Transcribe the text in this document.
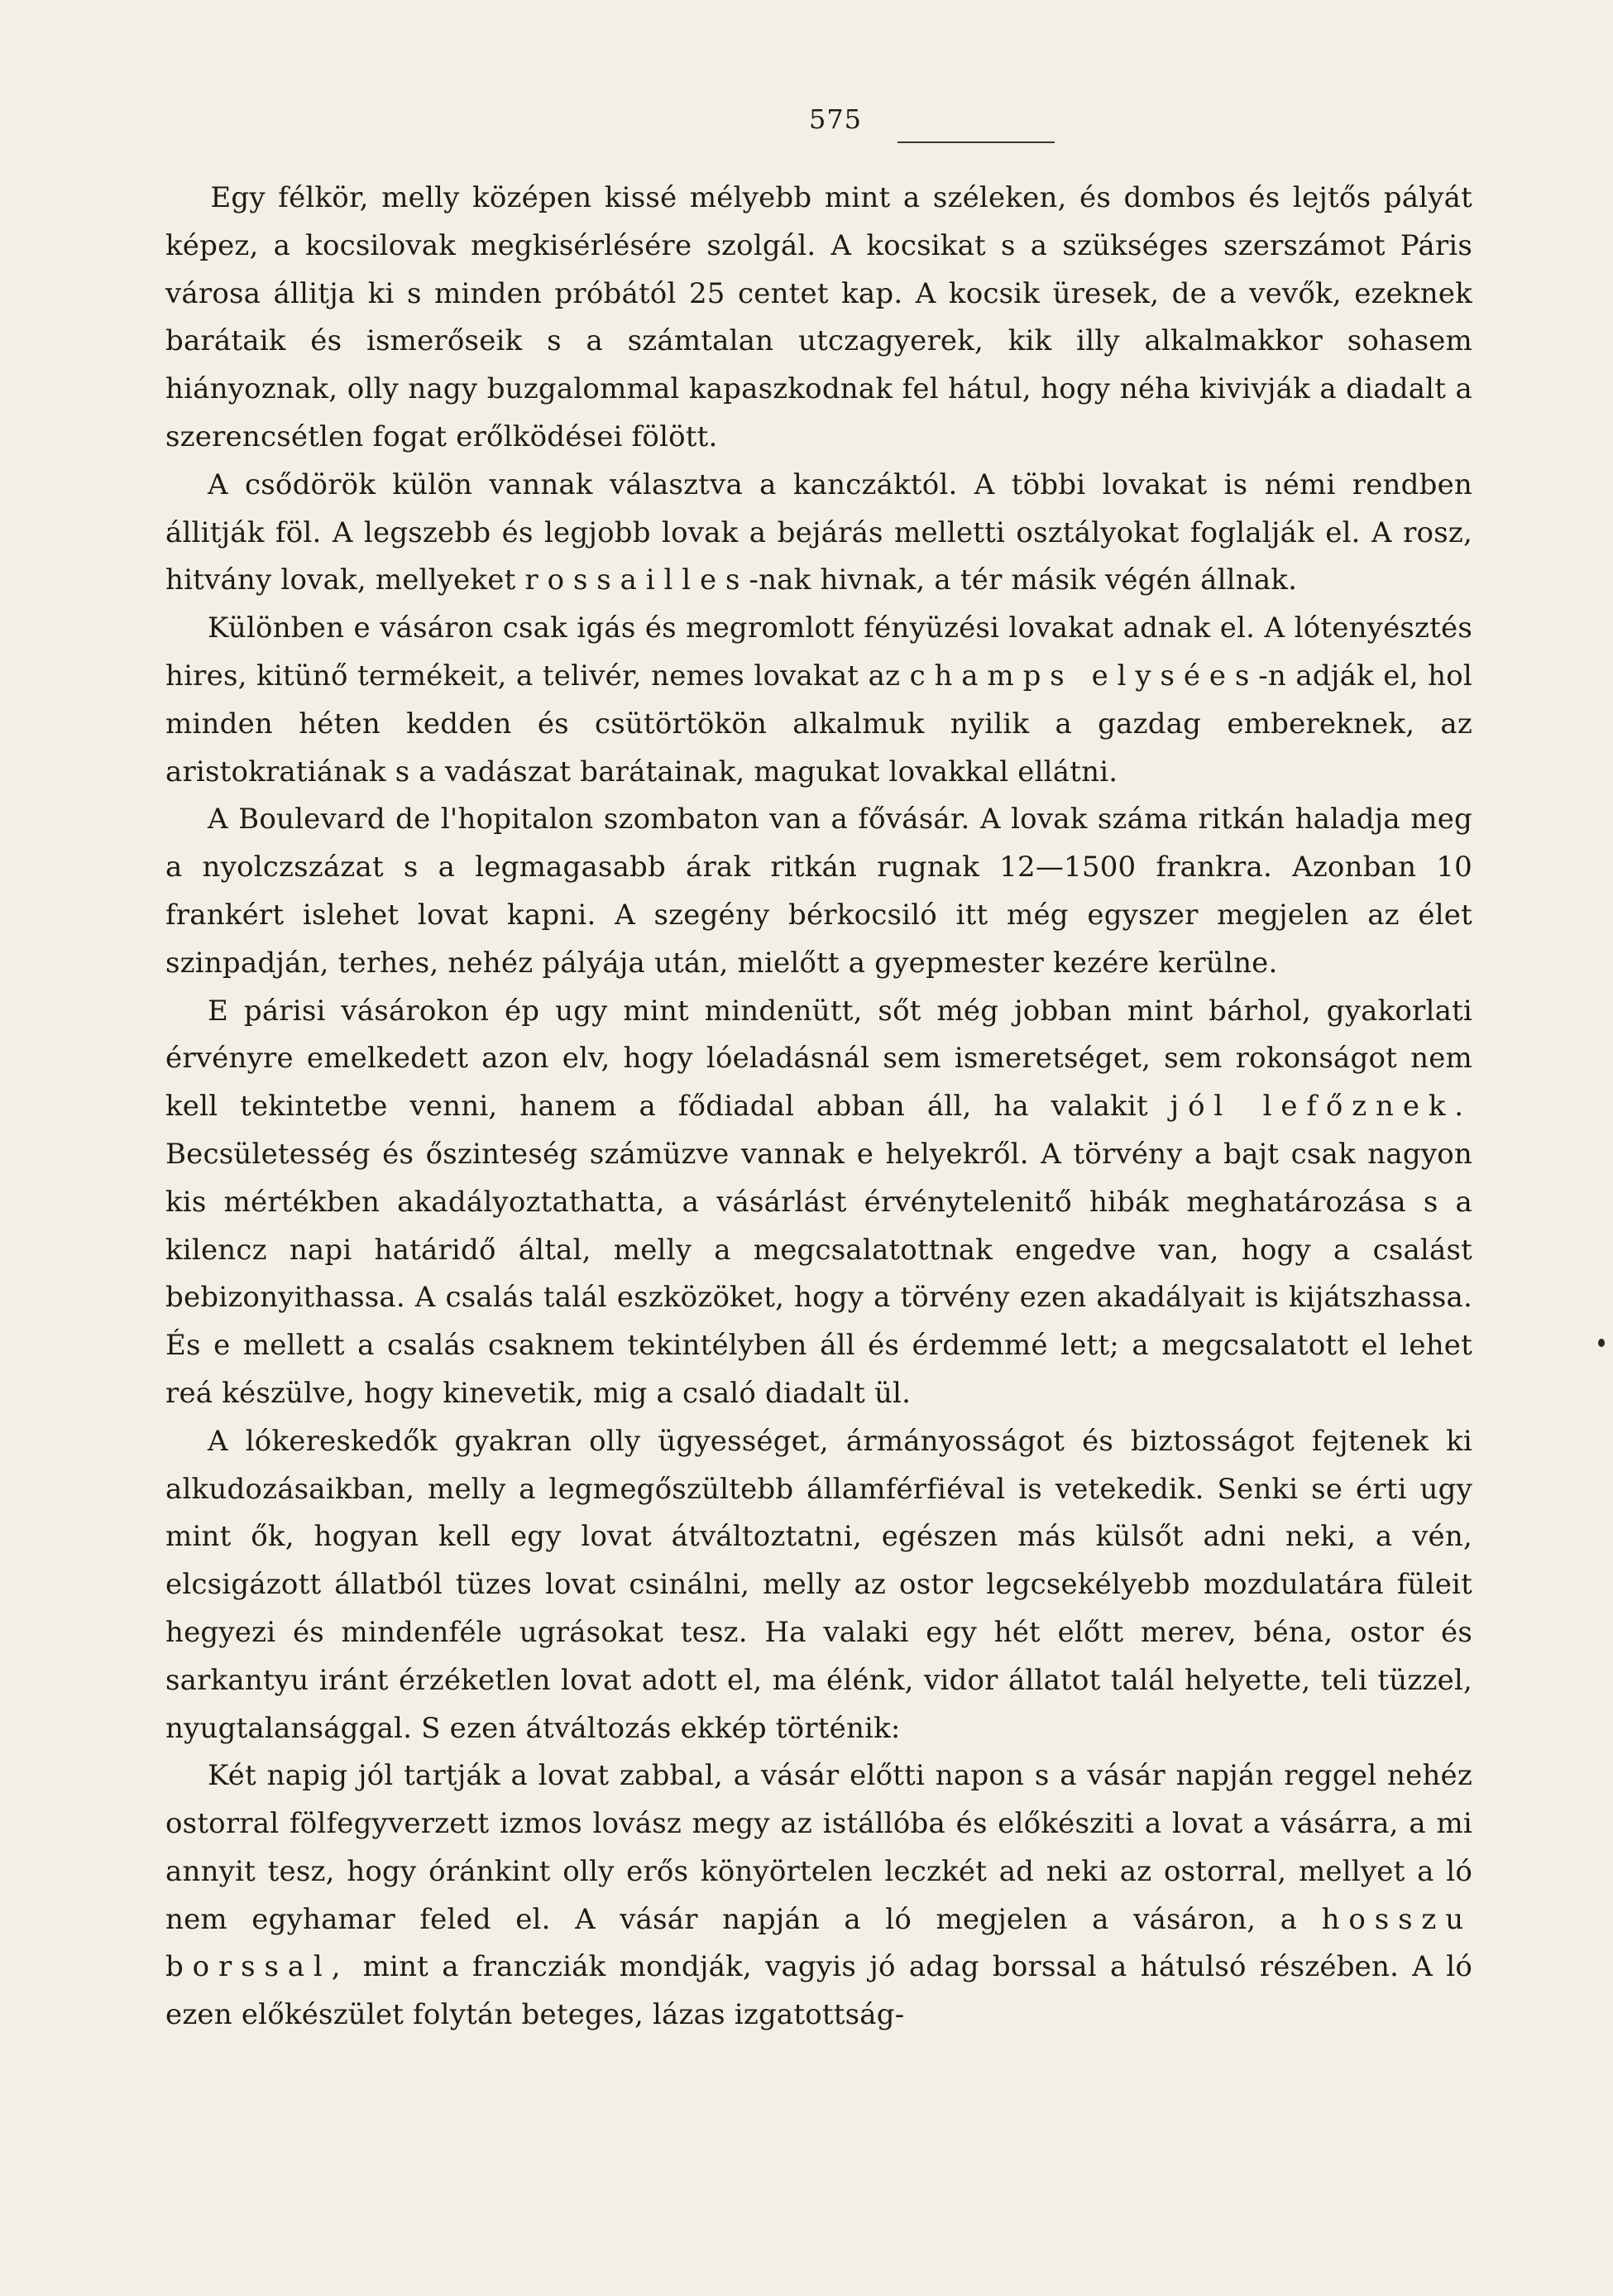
575

Egy félkör, melly középen kissé mélyebb mint a széleken, és dombos és lejtős pályát képez, a kocsilovak megkisérlésére szolgál. A kocsikat s a szükséges szerszámot Páris városa állitja ki s minden próbától 25 centet kap. A kocsik üresek, de a vevők, ezeknek barátaik és ismerőseik s a számtalan utczagyerek, kik illy alkalmakkor sohasem hiányoznak, olly nagy buzgalommal kapaszkodnak fel hátul, hogy néha kivivják a diadalt a szerencsétlen fogat erőlködései fölött.

A csődörök külön vannak választva a kanczáktól. A többi lovakat is némi rendben állitják föl. A legszebb és legjobb lovak a bejárás melletti osztályokat foglalják el. A rosz, hitvány lovak, mellyeket rossailles-nak hivnak, a tér másik végén állnak.

Különben e vásáron csak igás és megromlott fényüzési lovakat adnak el. A lótenyésztés hires, kitünő termékeit, a telivér, nemes lovakat az champs elysées-n adják el, hol minden héten kedden és csütörtökön alkalmuk nyilik a gazdag embereknek, az aristokratiának s a vadászat barátainak, magukat lovakkal ellátni.

A Boulevard de l'hopitalon szombaton van a fővásár. A lovak száma ritkán haladja meg a nyolczszázat s a legmagasabb árak ritkán rugnak 12—1500 frankra. Azonban 10 frankért islehet lovat kapni. A szegény bérkocsiló itt még egyszer megjelen az élet szinpadján, terhes, nehéz pályája után, mielőtt a gyepmester kezére kerülne.

E párisi vásárokon ép ugy mint mindenütt, sőt még jobban mint bárhol, gyakorlati érvényre emelkedett azon elv, hogy lóeladásnál sem ismeretséget, sem rokonságot nem kell tekintetbe venni, hanem a fődiadal abban áll, ha valakit jól lefőznek. Becsületesség és őszinteség számüzve vannak e helyekről. A törvény a bajt csak nagyon kis mértékben akadályoztathatta, a vásárlást érvénytelenitő hibák meghatározása s a kilencz napi határidő által, melly a megcsalatottnak engedve van, hogy a csalást bebizonyithassa. A csalás talál eszközöket, hogy a törvény ezen akadályait is kijátszhassa. És e mellett a csalás csaknem tekintélyben áll és érdemmé lett; a megcsalatott el lehet reá készülve, hogy kinevetik, mig a csaló diadalt ül.

A lókereskedők gyakran olly ügyességet, ármányosságot és biztosságot fejtenek ki alkudozásaikban, melly a legmegőszültebb államférfiéval is vetekedik. Senki se érti ugy mint ők, hogyan kell egy lovat átváltoztatni, egészen más külsőt adni neki, a vén, elcsigázott állatból tüzes lovat csinálni, melly az ostor legcsekélyebb mozdulatára füleit hegyezi és mindenféle ugrásokat tesz. Ha valaki egy hét előtt merev, béna, ostor és sarkantyu iránt érzéketlen lovat adott el, ma élénk, vidor állatot talál helyette, teli tüzzel, nyugtalansággal. S ezen átváltozás ekkép történik:

Két napig jól tartják a lovat zabbal, a vásár előtti napon s a vásár napján reggel nehéz ostorral fölfegyverzett izmos lovász megy az istállóba és előkésziti a lovat a vásárra, a mi annyit tesz, hogy óránkint olly erős könyörtelen leczkét ad neki az ostorral, mellyet a ló nem egyhamar feled el. A vásár napján a ló megjelen a vásáron, a hosszu borssal, mint a francziák mondják, vagyis jó adag borssal a hátulsó részében. A ló ezen előkészület folytán beteges, lázas izgatottság-
